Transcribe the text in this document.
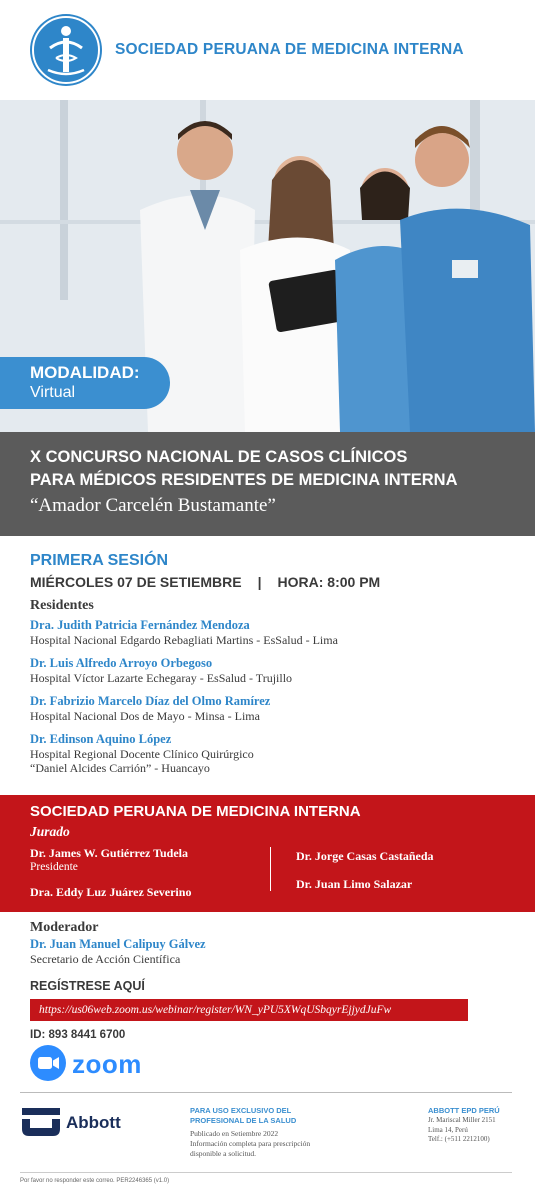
SOCIEDAD PERUANA DE MEDICINA INTERNA
MODALIDAD:
Virtual
X CONCURSO NACIONAL DE CASOS CLÍNICOS
PARA MÉDICOS RESIDENTES DE MEDICINA INTERNA
“Amador Carcelén Bustamante”
PRIMERA SESIÓN
MIÉRCOLES 07 DE SETIEMBRE | HORA: 8:00 PM
Residentes
Dra. Judith Patricia Fernández Mendoza
Hospital Nacional Edgardo Rebagliati Martins - EsSalud - Lima
Dr. Luis Alfredo Arroyo Orbegoso
Hospital Víctor Lazarte Echegaray - EsSalud - Trujillo
Dr. Fabrizio Marcelo Díaz del Olmo Ramírez
Hospital Nacional Dos de Mayo - Minsa - Lima
Dr. Edinson Aquino López
Hospital Regional Docente Clínico Quirúrgico
“Daniel Alcides Carrión” - Huancayo
SOCIEDAD PERUANA DE MEDICINA INTERNA
Jurado
Dr. James W. Gutiérrez Tudela
Presidente
Dra. Eddy Luz Juárez Severino
Dr. Jorge Casas Castañeda
Dr. Juan Limo Salazar
Moderador
Dr. Juan Manuel Calipuy Gálvez
Secretario de Acción Científica
REGÍSTRESE AQUÍ
https://us06web.zoom.us/webinar/register/WN_yPU5XWqUSbqyrEjjydJuFw
ID: 893 8441 6700
zoom
Abbott
PARA USO EXCLUSIVO DEL
PROFESIONAL DE LA SALUD
Publicado en Setiembre 2022
Información completa para prescripción
disponible a solicitud.
ABBOTT EPD PERÚ
Jr. Mariscal Miller 2151
Lima 14, Perú
Telf.: (+511 2212100)
Por favor no responder este correo. PER2246365 (v1.0)
